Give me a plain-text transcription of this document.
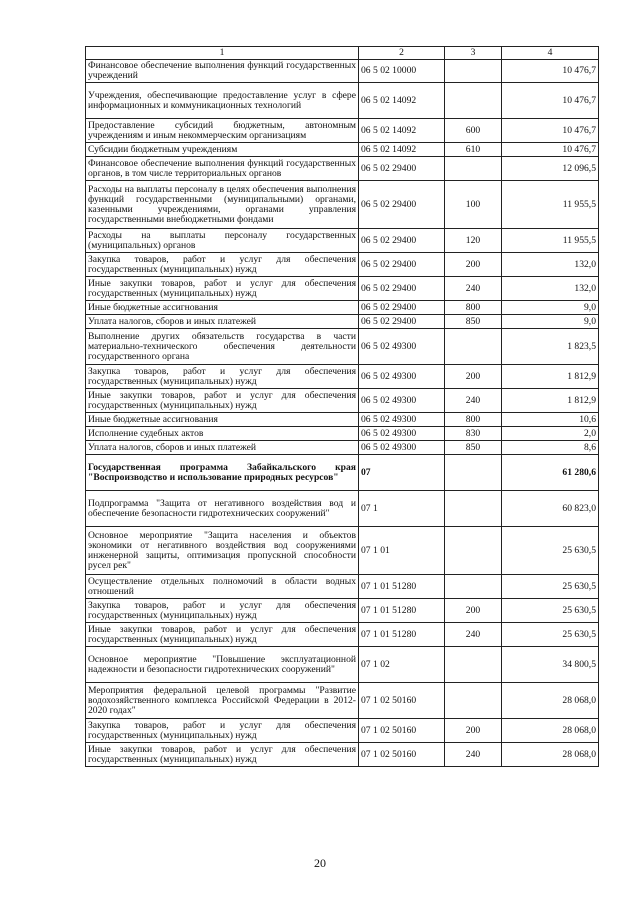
1	2	3	4
Финансовое обеспечение выполнения функций государственных учреждений	06 5 02 10000		10 476,7
Учреждения, обеспечивающие предоставление услуг в сфере информационных и коммуникационных технологий	06 5 02 14092		10 476,7
Предоставление субсидий бюджетным, автономным учреждениям и иным некоммерческим организациям	06 5 02 14092	600	10 476,7
Субсидии бюджетным учреждениям	06 5 02 14092	610	10 476,7
Финансовое обеспечение выполнения функций государственных органов, в том числе территориальных органов	06 5 02 29400		12 096,5
Расходы на выплаты персоналу в целях обеспечения выполнения функций государственными (муниципальными) органами, казенными учреждениями, органами управления государственными внебюджетными фондами	06 5 02 29400	100	11 955,5
Расходы на выплаты персоналу государственных (муниципальных) органов	06 5 02 29400	120	11 955,5
Закупка товаров, работ и услуг для обеспечения государственных (муниципальных) нужд	06 5 02 29400	200	132,0
Иные закупки товаров, работ и услуг для обеспечения государственных (муниципальных) нужд	06 5 02 29400	240	132,0
Иные бюджетные ассигнования	06 5 02 29400	800	9,0
Уплата налогов, сборов и иных платежей	06 5 02 29400	850	9,0
Выполнение других обязательств государства в части материально-технического обеспечения деятельности государственного органа	06 5 02 49300		1 823,5
Закупка товаров, работ и услуг для обеспечения государственных (муниципальных) нужд	06 5 02 49300	200	1 812,9
Иные закупки товаров, работ и услуг для обеспечения государственных (муниципальных) нужд	06 5 02 49300	240	1 812,9
Иные бюджетные ассигнования	06 5 02 49300	800	10,6
Исполнение судебных актов	06 5 02 49300	830	2,0
Уплата налогов, сборов и иных платежей	06 5 02 49300	850	8,6
Государственная программа Забайкальского края "Воспроизводство и использование природных ресурсов"	07		61 280,6
Подпрограмма "Защита от негативного воздействия вод и обеспечение безопасности гидротехнических сооружений"	07 1		60 823,0
Основное мероприятие "Защита населения и объектов экономики от негативного воздействия вод сооружениями инженерной защиты, оптимизация пропускной способности русел рек"	07 1 01		25 630,5
Осуществление отдельных полномочий в области водных отношений	07 1 01 51280		25 630,5
Закупка товаров, работ и услуг для обеспечения государственных (муниципальных) нужд	07 1 01 51280	200	25 630,5
Иные закупки товаров, работ и услуг для обеспечения государственных (муниципальных) нужд	07 1 01 51280	240	25 630,5
Основное мероприятие "Повышение эксплуатационной надежности и безопасности гидротехнических сооружений"	07 1 02		34 800,5
Мероприятия федеральной целевой программы "Развитие водохозяйственного комплекса Российской Федерации в 2012-2020 годах"	07 1 02 50160		28 068,0
Закупка товаров, работ и услуг для обеспечения государственных (муниципальных) нужд	07 1 02 50160	200	28 068,0
Иные закупки товаров, работ и услуг для обеспечения государственных (муниципальных) нужд	07 1 02 50160	240	28 068,0
20
